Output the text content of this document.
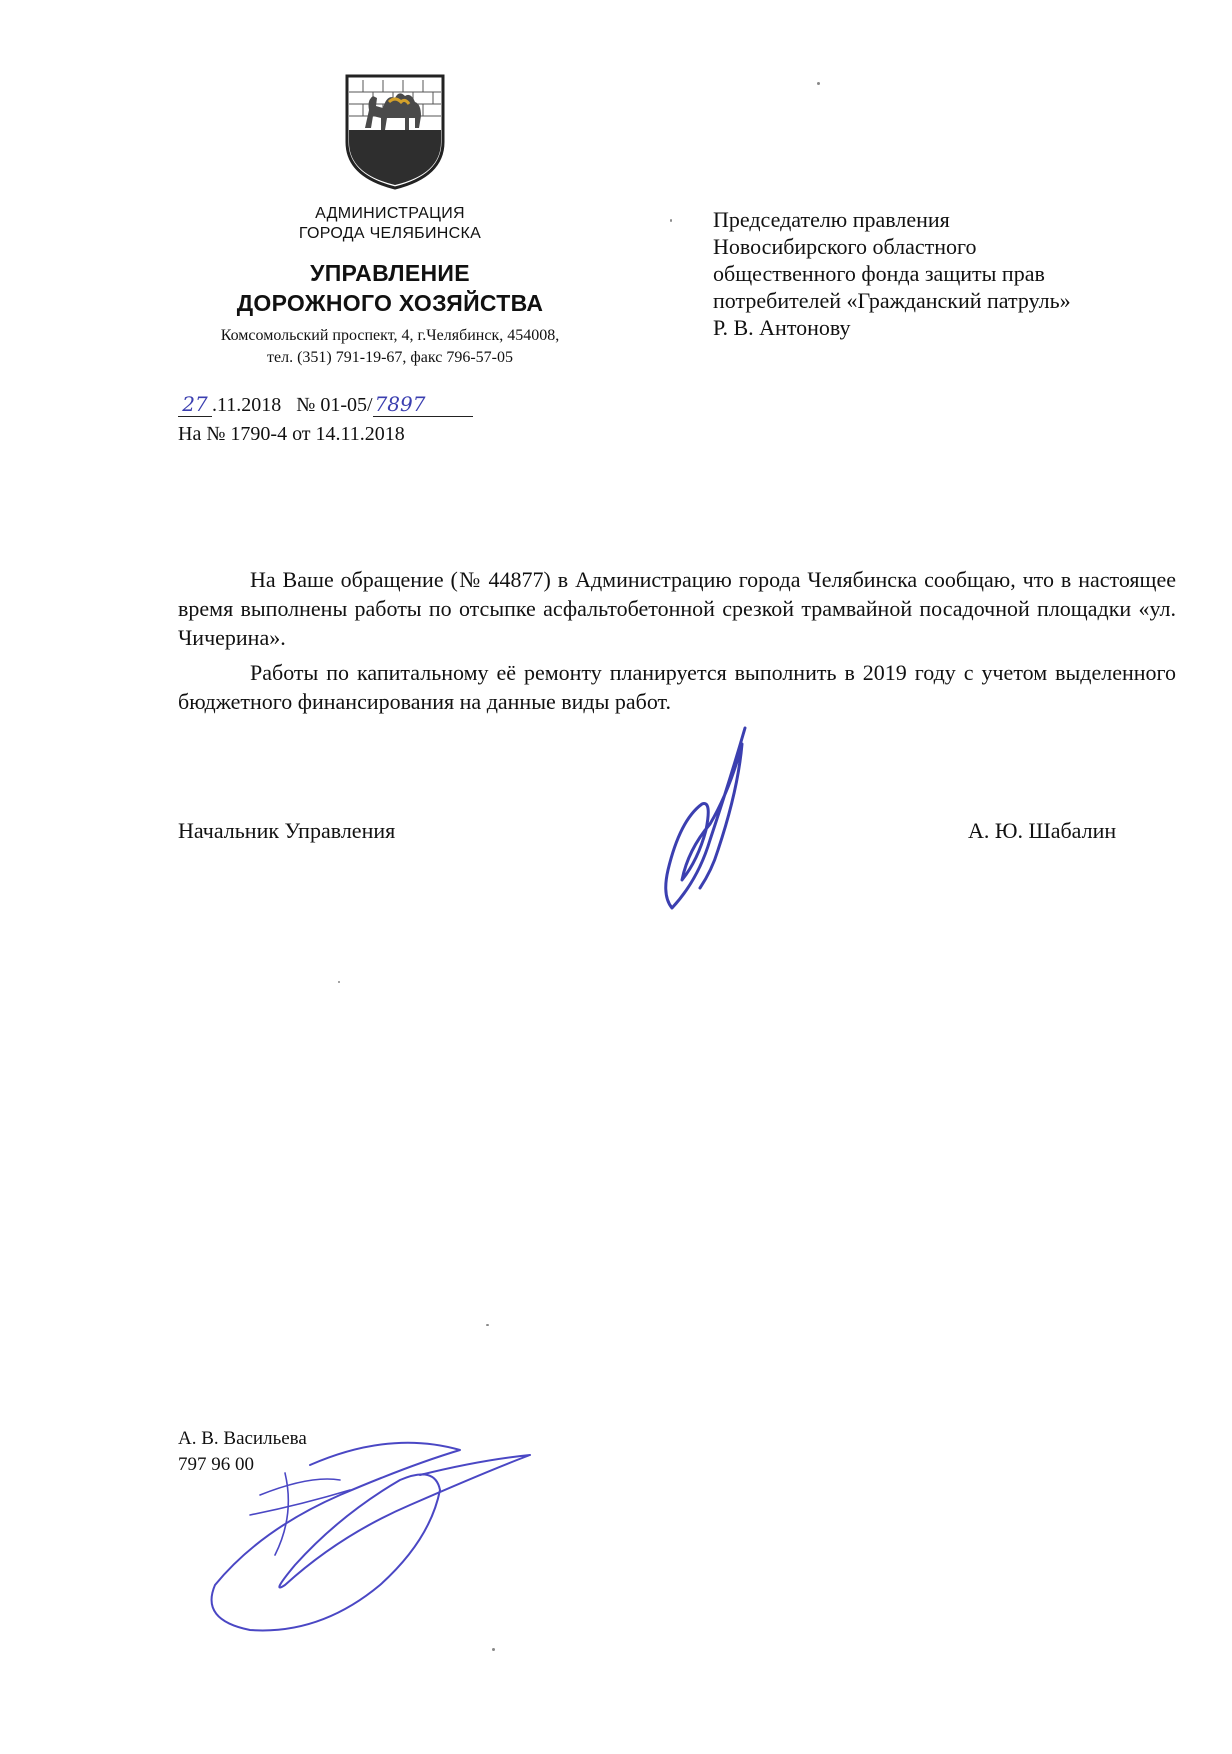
АДМИНИСТРАЦИЯ
ГОРОДА ЧЕЛЯБИНСКА
УПРАВЛЕНИЕ
ДОРОЖНОГО ХОЗЯЙСТВА
Комсомольский проспект, 4, г.Челябинск, 454008,
тел. (351) 791-19-67, факс 796-57-05
27 .11.2018 № 01-05/ 7897
На № 1790-4 от 14.11.2018
Председателю правления
Новосибирского областного
общественного фонда защиты прав
потребителей «Гражданский патруль»
Р. В. Антонову

На Ваше обращение (№ 44877) в Администрацию города Челябинска сообщаю, что в настоящее время выполнены работы по отсыпке асфальтобетонной срезкой трамвайной посадочной площадки «ул. Чичерина».

Работы по капитальному её ремонту планируется выполнить в 2019 году с учетом выделенного бюджетного финансирования на данные виды работ.

Начальник Управления	А. Ю. Шабалин
А. В. Васильева
797 96 00
